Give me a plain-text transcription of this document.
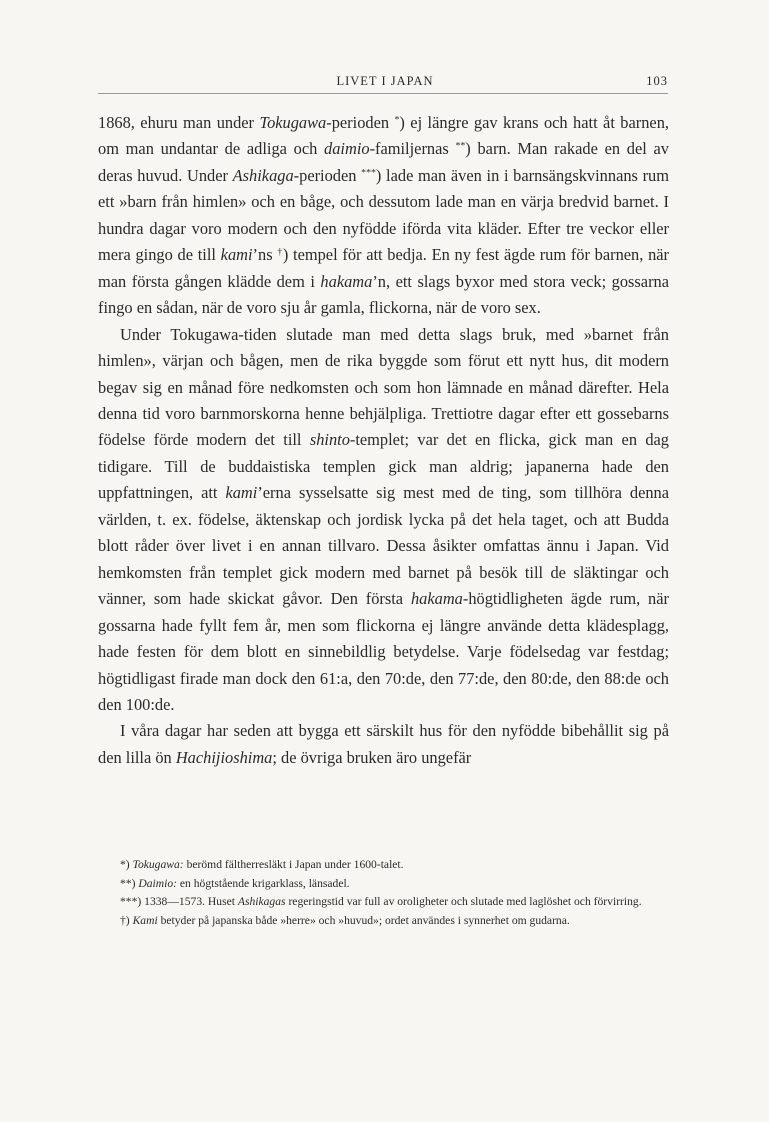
LIVET I JAPAN	103

1868, ehuru man under Tokugawa-perioden *) ej längre gav krans och hatt åt barnen, om man undantar de adliga och daimio-familjernas **) barn. Man rakade en del av deras huvud. Under Ashikaga-perioden ***) lade man även in i barnsängskvinnans rum ett »barn från himlen» och en båge, och dessutom lade man en värja bredvid barnet. I hundra dagar voro modern och den nyfödde iförda vita kläder. Efter tre veckor eller mera gingo de till kami’ns †) tempel för att bedja. En ny fest ägde rum för barnen, när man första gången klädde dem i hakama’n, ett slags byxor med stora veck; gossarna fingo en sådan, när de voro sju år gamla, flickorna, när de voro sex.

Under Tokugawa-tiden slutade man med detta slags bruk, med »barnet från himlen», värjan och bågen, men de rika byggde som förut ett nytt hus, dit modern begav sig en månad före nedkomsten och som hon lämnade en månad därefter. Hela denna tid voro barnmorskorna henne behjälpliga. Trettiotre dagar efter ett gossebarns födelse förde modern det till shinto-templet; var det en flicka, gick man en dag tidigare. Till de buddaistiska templen gick man aldrig; japanerna hade den uppfattningen, att kami’erna sysselsatte sig mest med de ting, som tillhöra denna världen, t. ex. födelse, äktenskap och jordisk lycka på det hela taget, och att Budda blott råder över livet i en annan tillvaro. Dessa åsikter omfattas ännu i Japan. Vid hemkomsten från templet gick modern med barnet på besök till de släktingar och vänner, som hade skickat gåvor. Den första hakama-högtidligheten ägde rum, när gossarna hade fyllt fem år, men som flickorna ej längre använde detta klädesplagg, hade festen för dem blott en sinnebildlig betydelse. Varje födelsedag var festdag; högtidligast firade man dock den 61:a, den 70:de, den 77:de, den 80:de, den 88:de och den 100:de.

I våra dagar har seden att bygga ett särskilt hus för den nyfödde bibehållit sig på den lilla ön Hachijioshima; de övriga bruken äro ungefär

*) Tokugawa: berömd fältherresläkt i Japan under 1600-talet.

**) Daimio: en högtstående krigarklass, länsadel.

***) 1338—1573. Huset Ashikagas regeringstid var full av oroligheter och slutade med laglöshet och förvirring.

†) Kami betyder på japanska både »herre» och »huvud»; ordet användes i synnerhet om gudarna.
